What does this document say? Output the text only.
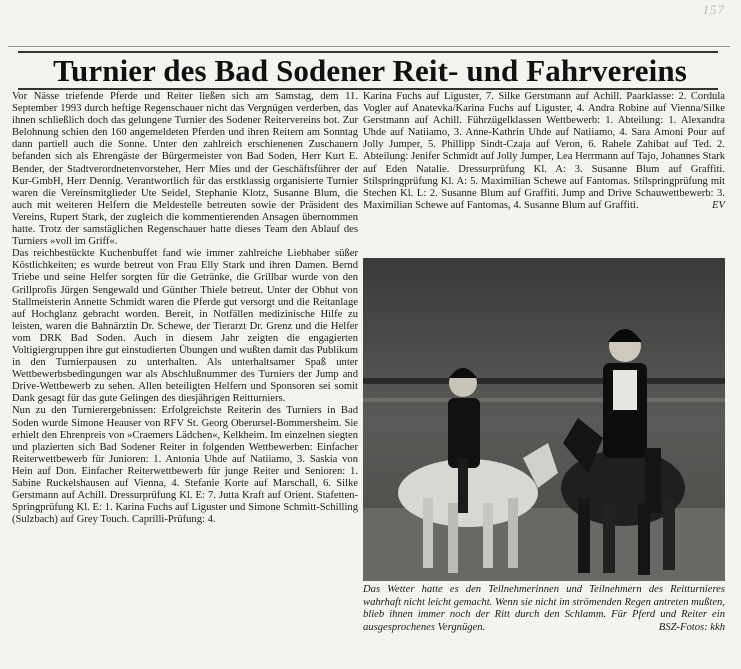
157
Turnier des Bad Sodener Reit- und Fahrvereins

Vor Nässe triefende Pferde und Reiter ließen sich am Samstag, dem 11. September 1993 durch heftige Regenschauer nicht das Vergnügen verderben, das ihnen schließlich doch das gelungene Turnier des Sodener Reitervereins bot. Zur Belohnung schien den 160 angemeldeten Pferden und ihren Reitern am Sonntag dann partiell auch die Sonne. Unter den zahlreich erschienenen Zuschauern befanden sich als Ehrengäste der Bürgermeister von Bad Soden, Herr Kurt E. Bender, der Stadtverordnetenvorsteher, Herr Mies und der Geschäftsführer der Kur-GmbH, Herr Dennig. Verantwortlich für das erstklassig organisierte Turnier waren die Vereinsmitglieder Ute Seidel, Stephanie Klotz, Susanne Blum, die auch mit weiteren Helfern die Meldestelle betreuten sowie der Präsident des Vereins, Rupert Stark, der zugleich die kommentierenden Ansagen übernommen hatte. Trotz der samstäglichen Regenschauer hatte dieses Team den Ablauf des Turniers »voll im Griff«.

Das reichbestückte Kuchenbuffet fand wie immer zahlreiche Liebhaber süßer Köstlichkeiten; es wurde betreut von Frau Elly Stark und ihren Damen. Bernd Triebe und seine Helfer sorgten für die Getränke, die Grillbar wurde von den Grillprofis Jürgen Sengewald und Günther Thiele betreut. Unter der Obhut von Stallmeisterin Annette Schmidt waren die Pferde gut versorgt und die Reitanlage auf Hochglanz gebracht worden. Bereit, in Notfällen medizinische Hilfe zu leisten, waren die Bahnärztin Dr. Schewe, der Tierarzt Dr. Grenz und die Helfer vom DRK Bad Soden. Auch in diesem Jahr zeigten die engagierten Voltigiergruppen ihre gut einstudierten Übungen und wußten damit das Publikum in den Turnierpausen zu unterhalten. Als unterhaltsamer Spaß unter Wettbewerbsbedingungen war als Abschlußnummer des Turniers der Jump and Drive-Wettbewerb zu sehen. Allen beteiligten Helfern und Sponsoren sei somit Dank gesagt für das gute Gelingen des diesjährigen Reitturniers.

Nun zu den Turnierergebnissen: Erfolgreichste Reiterin des Turniers in Bad Soden wurde Simone Heauser von RFV St. Georg Oberursel-Bommersheim. Sie erhielt den Ehrenpreis von »Craemers Lädchen«, Kelkheim. Im einzelnen siegten und plazierten sich Bad Sodener Reiter in folgenden Wettbewerben: Einfacher Reiterwettbewerb für Junioren: 1. Antonia Uhde auf Natiiamo, 3. Saskia von Hein auf Don. Einfacher Reiterwettbewerb für junge Reiter und Senioren: 1. Sabine Ruckelshausen auf Vienna, 4. Stefanie Korte auf Marschall, 6. Silke Gerstmann auf Achill. Dressurprüfung Kl. E: 7. Jutta Kraft auf Orient. Stafetten-Springprüfung Kl. E: 1. Karina Fuchs auf Liguster und Simone Schmitt-Schilling (Sulzbach) auf Grey Touch. Caprilli-Prüfung: 4.

Karina Fuchs auf Liguster, 7. Silke Gerstmann auf Achill. Paarklasse: 2. Cordula Vogler auf Anatevka/Karina Fuchs auf Liguster, 4. Andra Robine auf Vienna/Silke Gerstmann auf Achill. Führzügelklassen Wettbewerb: 1. Abteilung: 1. Alexandra Uhde auf Natiiamo, 3. Anne-Kathrin Uhde auf Natiiamo, 4. Sara Amoni Pour auf Jolly Jumper, 5. Phillipp Sindt-Czaja auf Veron, 6. Rahele Zahibat auf Ted. 2. Abteilung: Jenifer Schmidt auf Jolly Jumper, Lea Herrmann auf Tajo, Johannes Stark auf Eden Natalie. Dressurprüfung Kl. A: 3. Susanne Blum auf Graffiti. Stilspringprüfung Kl. A: 5. Maximilian Schewe auf Fantomas. Stilspringprüfung mit Stechen Kl. L: 2. Susanne Blum auf Graffiti. Jump and Drive Schauwettbewerb: 3. Maximilian Schewe auf Fantomas, 4. Susanne Blum auf Graffiti.	EV

Das Wetter hatte es den Teilnehmerinnen und Teilnehmern des Reitturnieres wahrhaft nicht leicht gemacht. Wenn sie nicht im strömenden Regen antreten mußten, blieb ihnen immer noch der Ritt durch den Schlamm. Für Pferd und Reiter ein ausgesprochenes Vergnügen.	BSZ-Fotos: kkh
